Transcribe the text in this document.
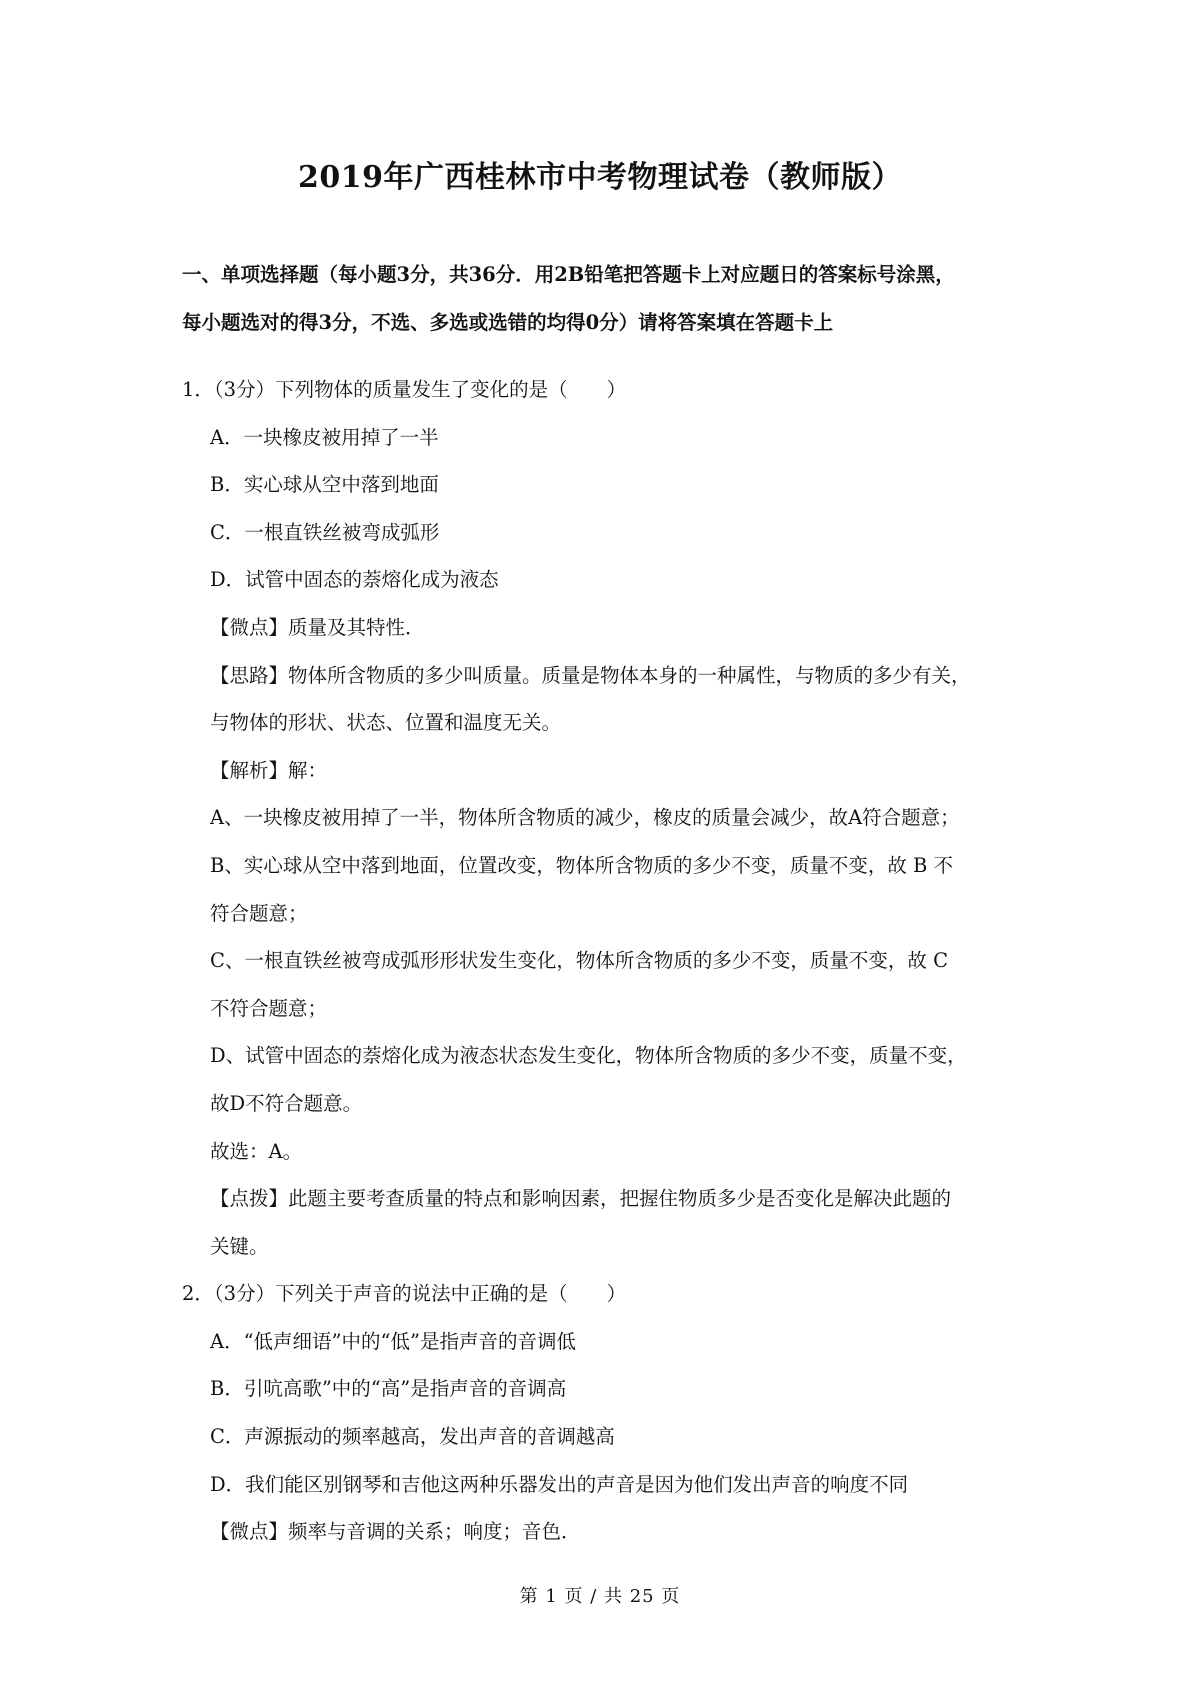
2019年广西桂林市中考物理试卷（教师版）
一、单项选择题（每小题3分，共36分．用2B铅笔把答题卡上对应题日的答案标号涂黑，
每小题选对的得3分，不选、多选或选错的均得0分）请将答案填在答题卡上
1．（3分）下列物体的质量发生了变化的是（　　）
A．一块橡皮被用掉了一半
B．实心球从空中落到地面
C．一根直铁丝被弯成弧形
D．试管中固态的萘熔化成为液态
【微点】质量及其特性．
【思路】物体所含物质的多少叫质量。质量是物体本身的一种属性，与物质的多少有关，
与物体的形状、状态、位置和温度无关。
【解析】解：
A、一块橡皮被用掉了一半，物体所含物质的减少，橡皮的质量会减少，故A符合题意；
B、实心球从空中落到地面，位置改变，物体所含物质的多少不变，质量不变，故 B 不
符合题意；
C、一根直铁丝被弯成弧形形状发生变化，物体所含物质的多少不变，质量不变，故 C
不符合题意；
D、试管中固态的萘熔化成为液态状态发生变化，物体所含物质的多少不变，质量不变，
故D不符合题意。
故选：A。
【点拨】此题主要考查质量的特点和影响因素，把握住物质多少是否变化是解决此题的
关键。
2．（3分）下列关于声音的说法中正确的是（　　）
A．“低声细语”中的“低”是指声音的音调低
B．引吭高歌”中的“高”是指声音的音调高
C．声源振动的频率越高，发出声音的音调越高
D．我们能区别钢琴和吉他这两种乐器发出的声音是因为他们发出声音的响度不同
【微点】频率与音调的关系；响度；音色．
第 1 页 / 共 25 页
